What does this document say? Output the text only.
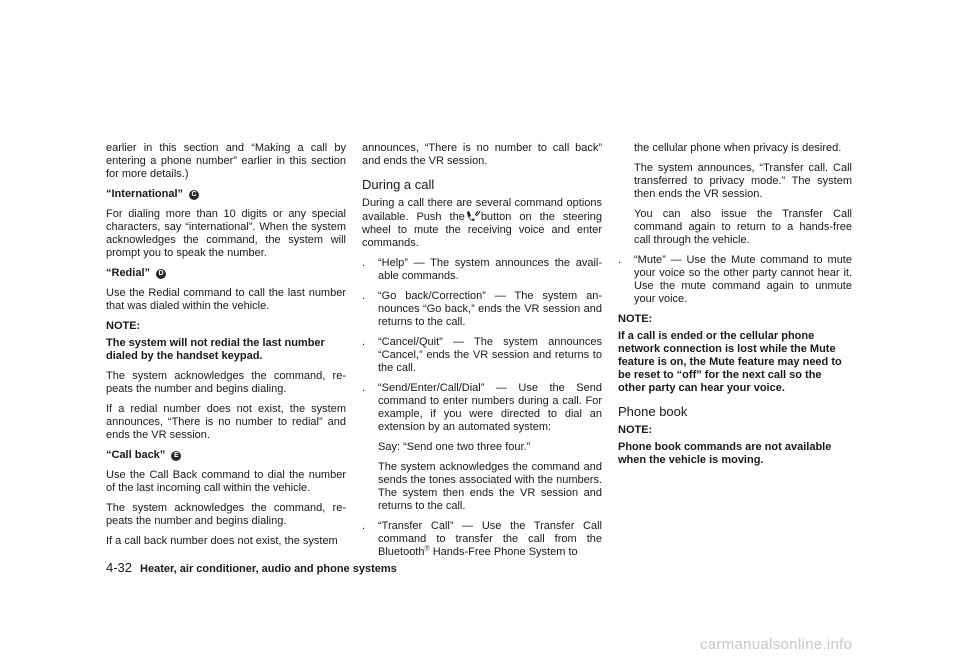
earlier in this section and “Making a call by entering a phone number” earlier in this section for more details.)

“International” C

For dialing more than 10 digits or any special characters, say “international”. When the system acknowledges the command, the system will prompt you to speak the number.

“Redial” D

Use the Redial command to call the last number that was dialed within the vehicle.

NOTE:
The system will not redial the last number dialed by the handset keypad.

The system acknowledges the command, re-peats the number and begins dialing.

If a redial number does not exist, the system announces, “There is no number to redial” and ends the VR session.

“Call back” E

Use the Call Back command to dial the number of the last incoming call within the vehicle.

The system acknowledges the command, re-peats the number and begins dialing.

If a call back number does not exist, the system

announces, “There is no number to call back” and ends the VR session.

During a call

During a call there are several command options available. Push the button on the steering wheel to mute the receiving voice and enter commands.

. “Help” — The system announces the avail-able commands.
. “Go back/Correction” — The system an-nounces “Go back,” ends the VR session and returns to the call.
. “Cancel/Quit” — The system announces “Cancel,” ends the VR session and returns to the call.
. “Send/Enter/Call/Dial” — Use the Send command to enter numbers during a call. For example, if you were directed to dial an extension by an automated system:

Say: “Send one two three four.”

The system acknowledges the command and sends the tones associated with the numbers. The system then ends the VR session and returns to the call.

. “Transfer Call” — Use the Transfer Call command to transfer the call from the Bluetooth® Hands-Free Phone System to

the cellular phone when privacy is desired.

The system announces, “Transfer call. Call transferred to privacy mode.” The system then ends the VR session.

You can also issue the Transfer Call command again to return to a hands-free call through the vehicle.

. “Mute” — Use the Mute command to mute your voice so the other party cannot hear it. Use the mute command again to unmute your voice.
NOTE:
If a call is ended or the cellular phone network connection is lost while the Mute feature is on, the Mute feature may need to be reset to “off” for the next call so the other party can hear your voice.
Phone book
NOTE:
Phone book commands are not available when the vehicle is moving.
4-32 Heater, air conditioner, audio and phone systems
carmanualsonline.info
